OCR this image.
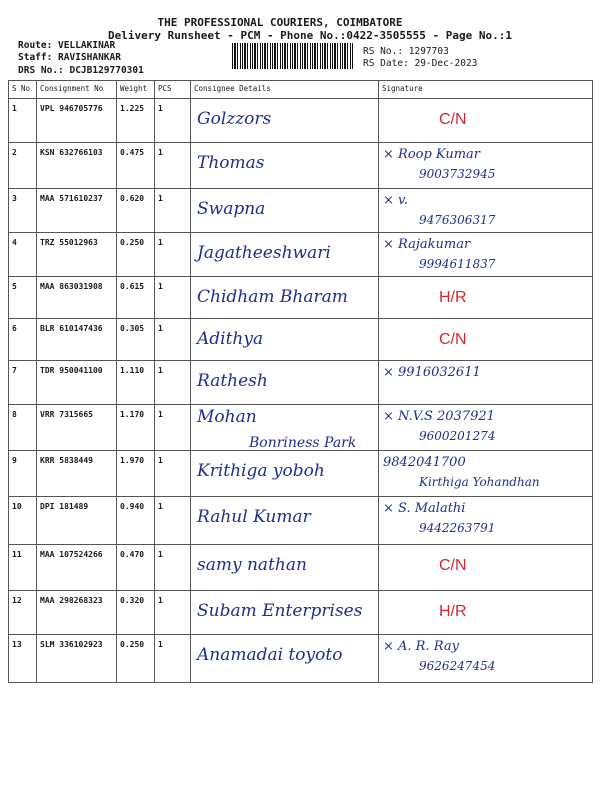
THE PROFESSIONAL COURIERS, COIMBATORE
Delivery Runsheet - PCM - Phone No.:0422-3505555 - Page No.:1
Route: VELLAKINAR
Staff: RAVISHANKAR
DRS No.: DCJB129770301
RS No.: 1297703
RS Date: 29-Dec-2023
S No	Consignment No	Weight	PCS	Consignee Details	Signature
1	VPL 946705776	1.225	1	Golzzors	C/N

2	KSN 632766103	0.475	1	Thomas	× Roop Kumar
9003732945

3	MAA 571610237	0.620	1	Swapna	× v.
9476306317

4	TRZ 55012963	0.250	1	Jagatheeshwari	× Rajakumar
9994611837

5	MAA 863031908	0.615	1	Chidham Bharam	H/R

6	BLR 610147436	0.305	1	Adithya	C/N

7	TDR 950041100	1.110	1	Rathesh	× 9916032611

8	VRR 7315665	1.170	1	Mohan
Bonriness Park	× N.V.S 2037921
9600201274

9	KRR 5838449	1.970	1	Krithiga yoboh	9842041700
Kirthiga Yohandhan

10	DPI 181489	0.940	1	Rahul Kumar	× S. Malathi
9442263791

11	MAA 107524266	0.470	1	samy nathan	C/N

12	MAA 298268323	0.320	1	Subam Enterprises	H/R

13	SLM 336102923	0.250	1	Anamadai toyoto	× A. R. Ray
9626247454
